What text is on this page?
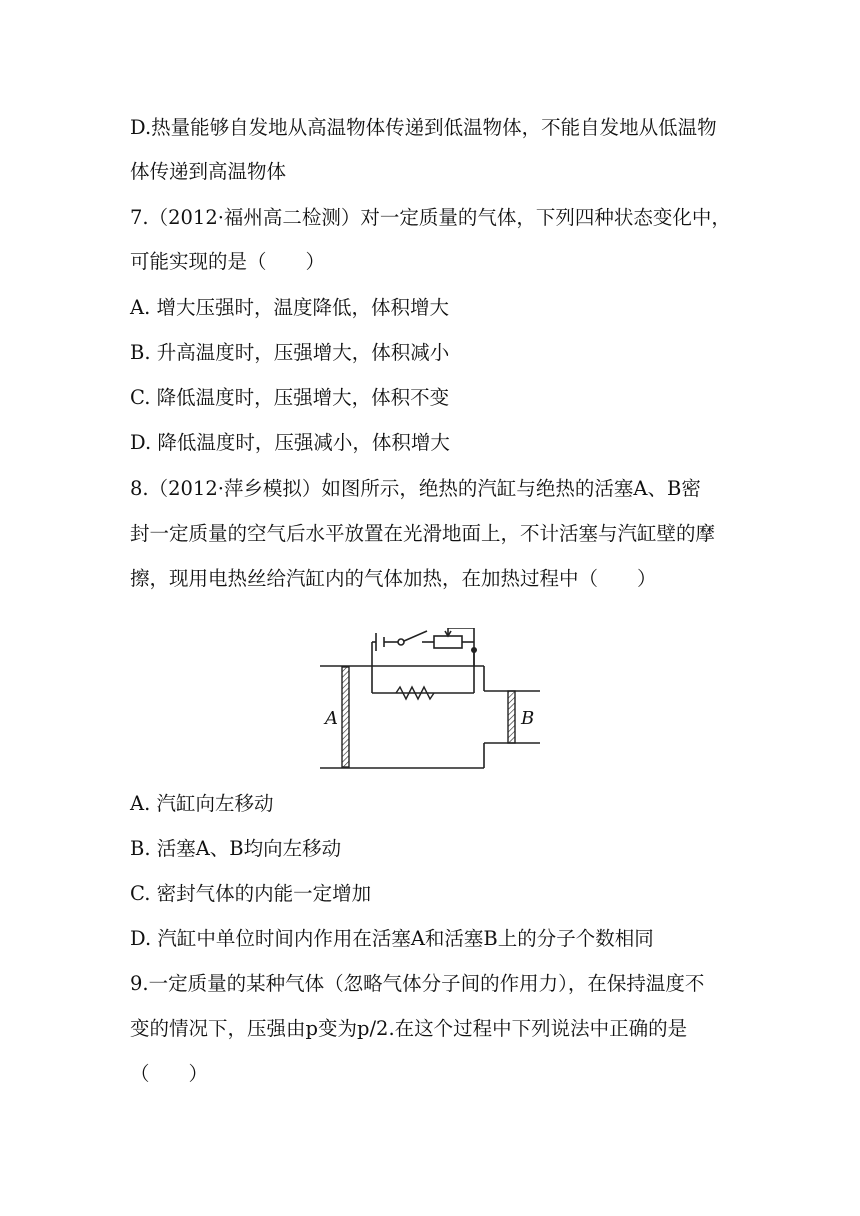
D.热量能够自发地从高温物体传递到低温物体，不能自发地从低温物
体传递到高温物体
7.（2012·福州高二检测）对一定质量的气体，下列四种状态变化中，
可能实现的是（　　）
A. 增大压强时，温度降低，体积增大
B. 升高温度时，压强增大，体积减小
C. 降低温度时，压强增大，体积不变
D. 降低温度时，压强减小，体积增大
8.（2012·萍乡模拟）如图所示，绝热的汽缸与绝热的活塞A、B密
封一定质量的空气后水平放置在光滑地面上，不计活塞与汽缸壁的摩
擦，现用电热丝给汽缸内的气体加热，在加热过程中（　　）
A	B
A. 汽缸向左移动
B. 活塞A、B均向左移动
C. 密封气体的内能一定增加
D. 汽缸中单位时间内作用在活塞A和活塞B上的分子个数相同
9.一定质量的某种气体（忽略气体分子间的作用力），在保持温度不
变的情况下，压强由p变为p/2.在这个过程中下列说法中正确的是
（　　）
